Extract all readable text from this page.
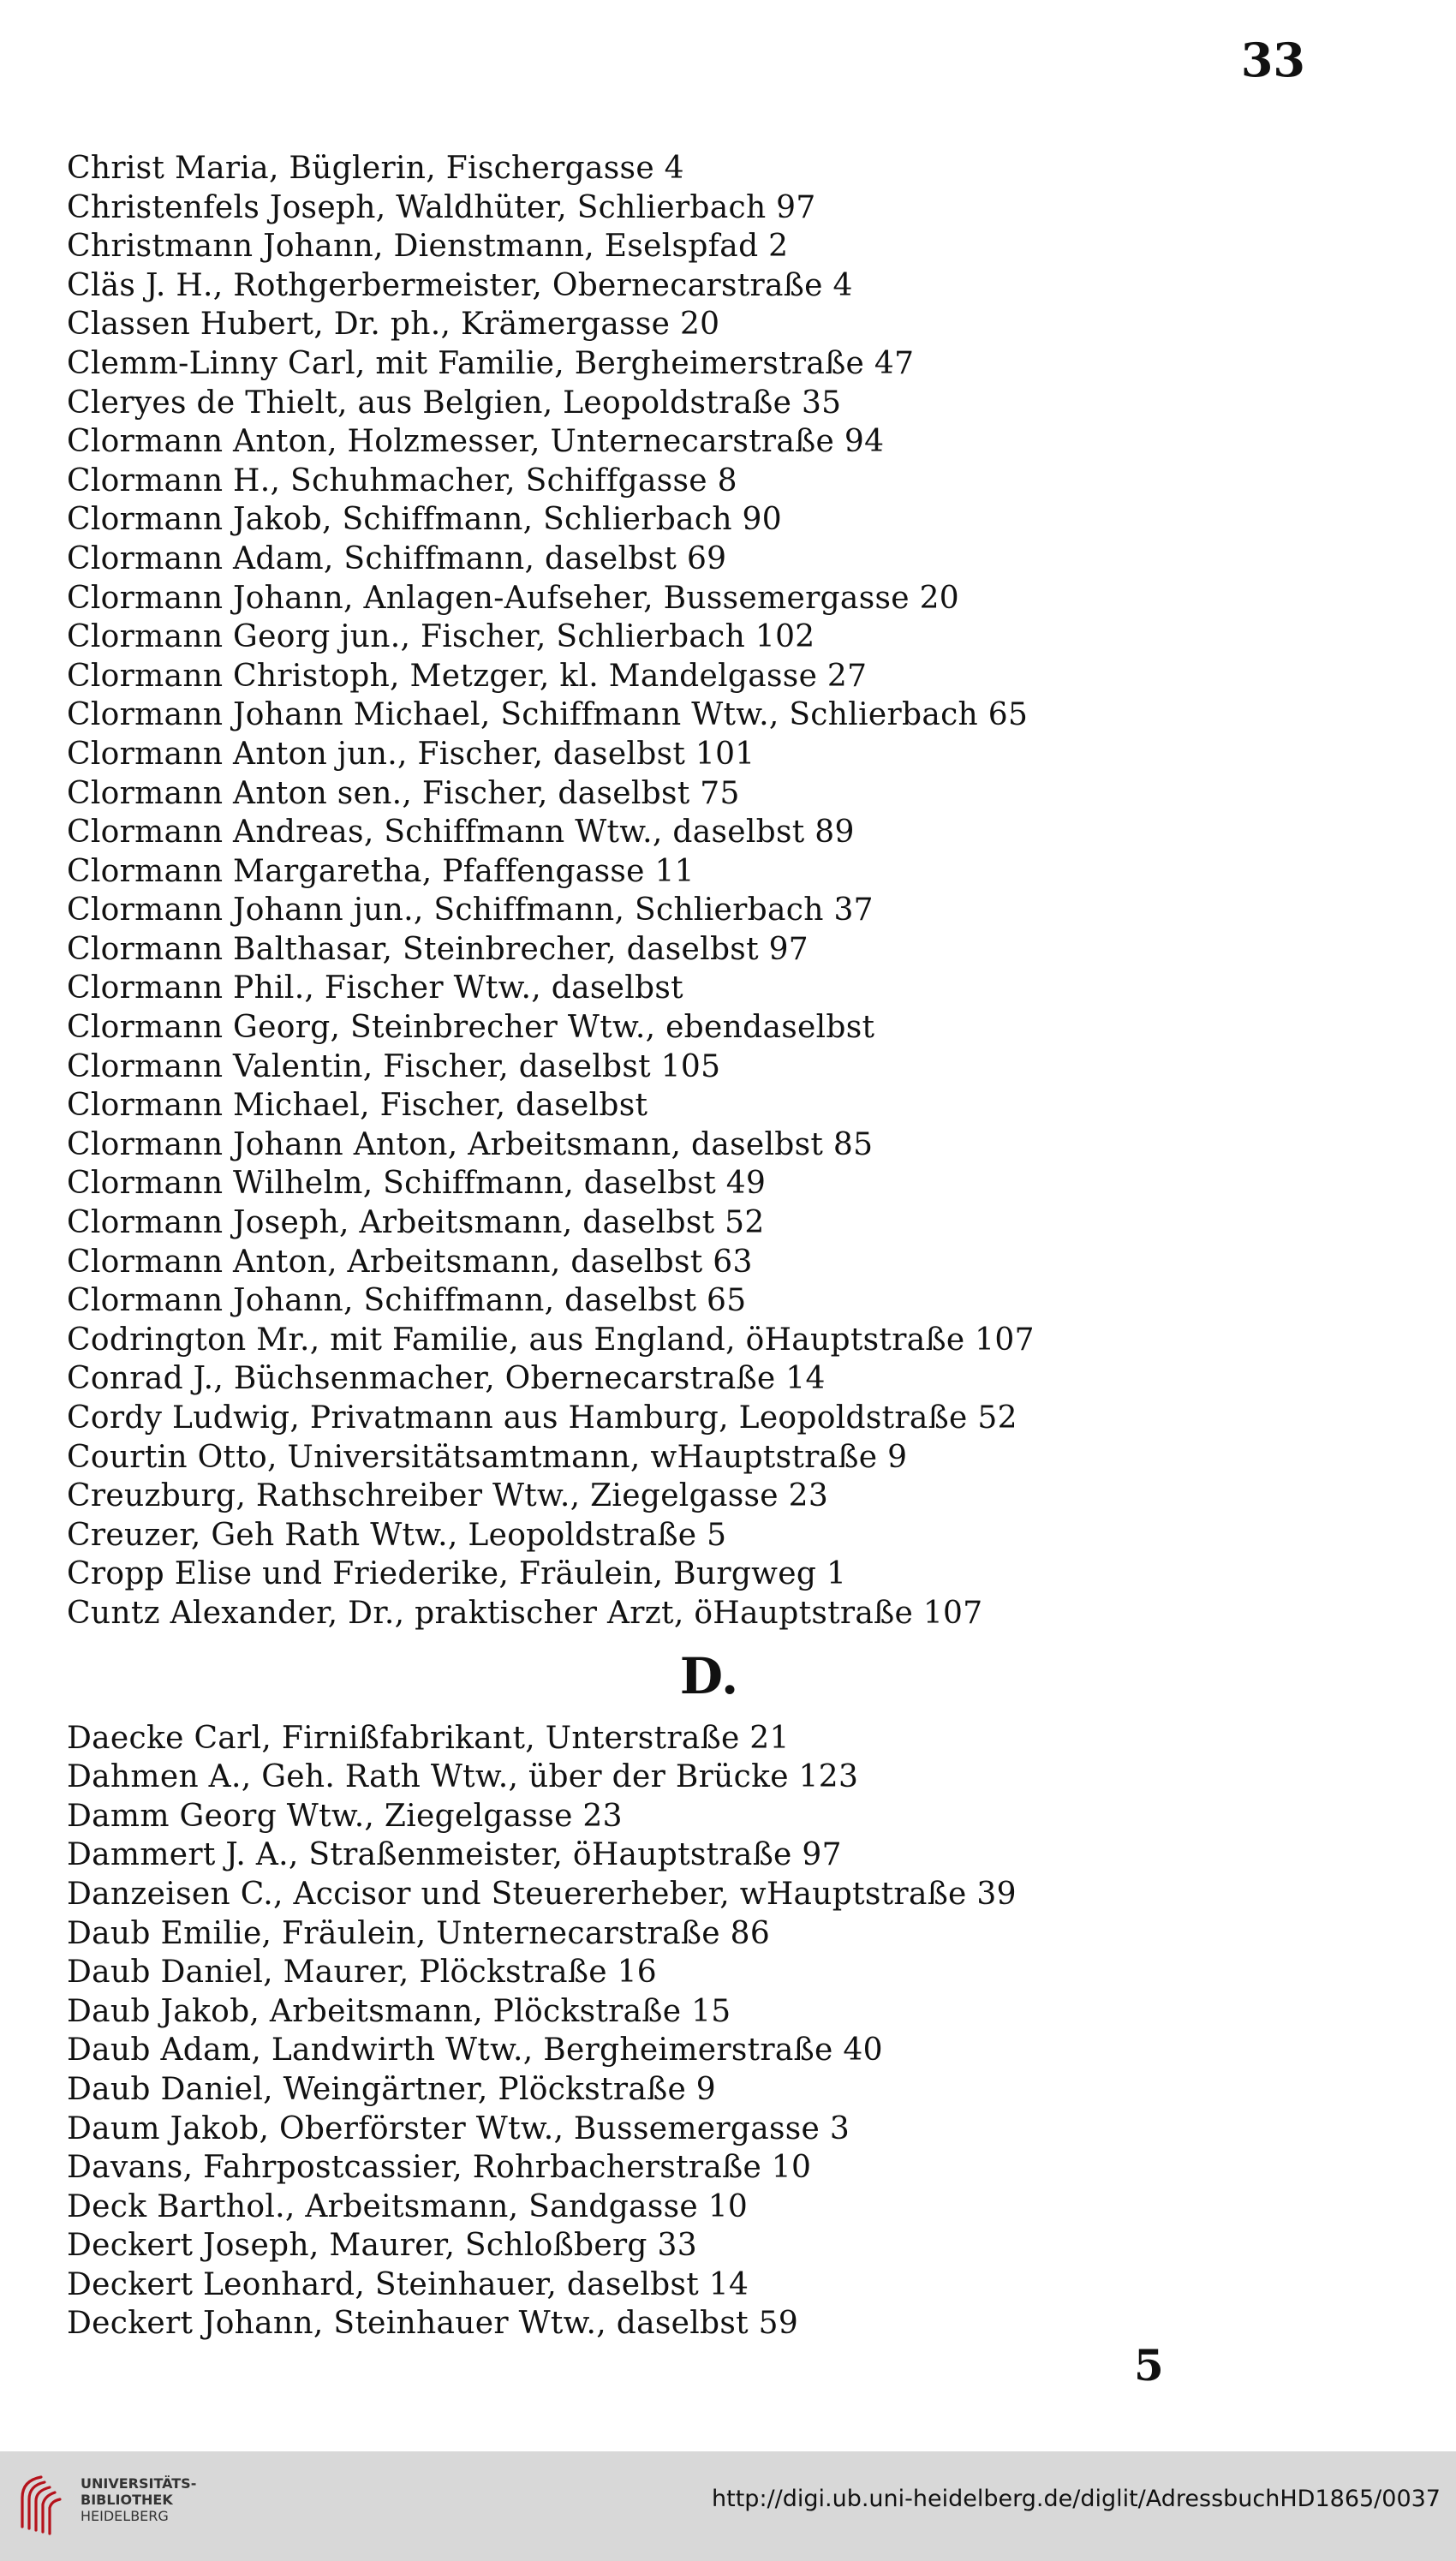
33
Christ Maria, Büglerin, Fischergasse 4
Christenfels Joseph, Waldhüter, Schlierbach 97
Christmann Johann, Dienstmann, Eselspfad 2
Cläs J. H., Rothgerbermeister, Obernecarstraße 4
Classen Hubert, Dr. ph., Krämergasse 20
Clemm-Linny Carl, mit Familie, Bergheimerstraße 47
Cleryes de Thielt, aus Belgien, Leopoldstraße 35
Clormann Anton, Holzmesser, Unternecarstraße 94
Clormann H., Schuhmacher, Schiffgasse 8
Clormann Jakob, Schiffmann, Schlierbach 90
Clormann Adam, Schiffmann, daselbst 69
Clormann Johann, Anlagen-Aufseher, Bussemergasse 20
Clormann Georg jun., Fischer, Schlierbach 102
Clormann Christoph, Metzger, kl. Mandelgasse 27
Clormann Johann Michael, Schiffmann Wtw., Schlierbach 65
Clormann Anton jun., Fischer, daselbst 101
Clormann Anton sen., Fischer, daselbst 75
Clormann Andreas, Schiffmann Wtw., daselbst 89
Clormann Margaretha, Pfaffengasse 11
Clormann Johann jun., Schiffmann, Schlierbach 37
Clormann Balthasar, Steinbrecher, daselbst 97
Clormann Phil., Fischer Wtw., daselbst
Clormann Georg, Steinbrecher Wtw., ebendaselbst
Clormann Valentin, Fischer, daselbst 105
Clormann Michael, Fischer, daselbst
Clormann Johann Anton, Arbeitsmann, daselbst 85
Clormann Wilhelm, Schiffmann, daselbst 49
Clormann Joseph, Arbeitsmann, daselbst 52
Clormann Anton, Arbeitsmann, daselbst 63
Clormann Johann, Schiffmann, daselbst 65
Codrington Mr., mit Familie, aus England, öHauptstraße 107
Conrad J., Büchsenmacher, Obernecarstraße 14
Cordy Ludwig, Privatmann aus Hamburg, Leopoldstraße 52
Courtin Otto, Universitätsamtmann, wHauptstraße 9
Creuzburg, Rathschreiber Wtw., Ziegelgasse 23
Creuzer, Geh Rath Wtw., Leopoldstraße 5
Cropp Elise und Friederike, Fräulein, Burgweg 1
Cuntz Alexander, Dr., praktischer Arzt, öHauptstraße 107
D.
Daecke Carl, Firnißfabrikant, Unterstraße 21
Dahmen A., Geh. Rath Wtw., über der Brücke 123
Damm Georg Wtw., Ziegelgasse 23
Dammert J. A., Straßenmeister, öHauptstraße 97
Danzeisen C., Accisor und Steuererheber, wHauptstraße 39
Daub Emilie, Fräulein, Unternecarstraße 86
Daub Daniel, Maurer, Plöckstraße 16
Daub Jakob, Arbeitsmann, Plöckstraße 15
Daub Adam, Landwirth Wtw., Bergheimerstraße 40
Daub Daniel, Weingärtner, Plöckstraße 9
Daum Jakob, Oberförster Wtw., Bussemergasse 3
Davans, Fahrpostcassier, Rohrbacherstraße 10
Deck Barthol., Arbeitsmann, Sandgasse 10
Deckert Joseph, Maurer, Schloßberg 33
Deckert Leonhard, Steinhauer, daselbst 14
Deckert Johann, Steinhauer Wtw., daselbst 59
5
UNIVERSITÄTS-
BIBLIOTHEK
HEIDELBERG
http://digi.ub.uni-heidelberg.de/diglit/AdressbuchHD1865/0037
